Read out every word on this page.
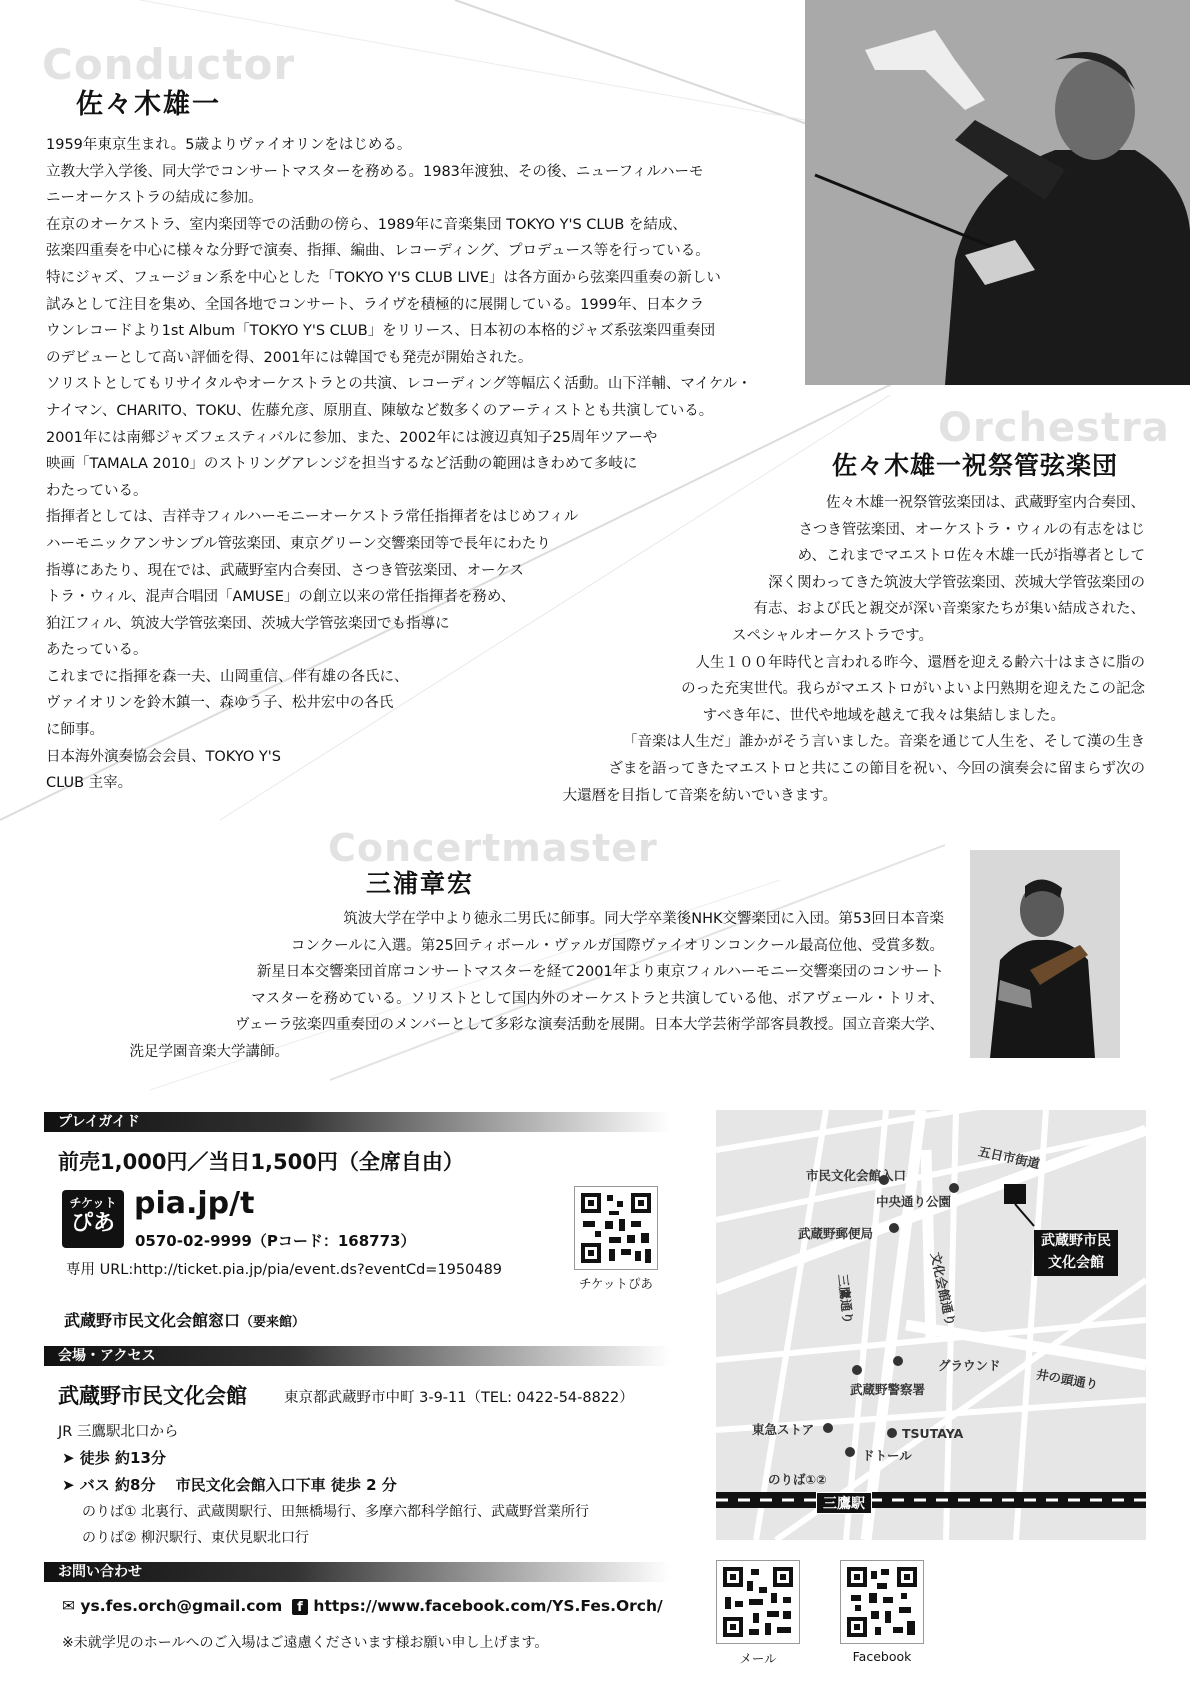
Conductor
佐々木雄一
1959年東京生まれ。5歳よりヴァイオリンをはじめる。
立教大学入学後、同大学でコンサートマスターを務める。1983年渡独、その後、ニューフィルハーモ
ニーオーケストラの結成に参加。
在京のオーケストラ、室内楽団等での活動の傍ら、1989年に音楽集団 TOKYO Y'S CLUB を結成、
弦楽四重奏を中心に様々な分野で演奏、指揮、編曲、レコーディング、プロデュース等を行っている。
特にジャズ、フュージョン系を中心とした「TOKYO Y'S CLUB LIVE」は各方面から弦楽四重奏の新しい
試みとして注目を集め、全国各地でコンサート、ライヴを積極的に展開している。1999年、日本クラ
ウンレコードより1st Album「TOKYO Y'S CLUB」をリリース、日本初の本格的ジャズ系弦楽四重奏団
のデビューとして高い評価を得、2001年には韓国でも発売が開始された。
ソリストとしてもリサイタルやオーケストラとの共演、レコーディング等幅広く活動。山下洋輔、マイケル・
ナイマン、CHARITO、TOKU、佐藤允彦、原朋直、陳敏など数多くのアーティストとも共演している。
2001年には南郷ジャズフェスティバルに参加、また、2002年には渡辺真知子25周年ツアーや
映画「TAMALA 2010」のストリングアレンジを担当するなど活動の範囲はきわめて多岐に
わたっている。
指揮者としては、吉祥寺フィルハーモニーオーケストラ常任指揮者をはじめフィル
ハーモニックアンサンブル管弦楽団、東京グリーン交響楽団等で長年にわたり
指導にあたり、現在では、武蔵野室内合奏団、さつき管弦楽団、オーケス
トラ・ウィル、混声合唱団「AMUSE」の創立以来の常任指揮者を務め、
狛江フィル、筑波大学管弦楽団、茨城大学管弦楽団でも指導に
あたっている。
これまでに指揮を森一夫、山岡重信、伴有雄の各氏に、
ヴァイオリンを鈴木鎮一、森ゆう子、松井宏中の各氏
に師事。
日本海外演奏協会会員、TOKYO Y'S
CLUB 主宰。
Orchestra
佐々木雄一祝祭管弦楽団
佐々木雄一祝祭管弦楽団は、武蔵野室内合奏団、
さつき管弦楽団、オーケストラ・ウィルの有志をはじ
め、これまでマエストロ佐々木雄一氏が指導者として
深く関わってきた筑波大学管弦楽団、茨城大学管弦楽団の
有志、および氏と親交が深い音楽家たちが集い結成された、
スペシャルオーケストラです。
人生１００年時代と言われる昨今、還暦を迎える齢六十はまさに脂の
のった充実世代。我らがマエストロがいよいよ円熟期を迎えたこの記念
すべき年に、世代や地域を越えて我々は集結しました。
「音楽は人生だ」誰かがそう言いました。音楽を通じて人生を、そして漢の生き
ざまを語ってきたマエストロと共にこの節目を祝い、今回の演奏会に留まらず次の
大還暦を目指して音楽を紡いでいきます。
Concertmaster
三浦章宏
筑波大学在学中より徳永二男氏に師事。同大学卒業後NHK交響楽団に入団。第53回日本音楽
コンクールに入選。第25回ティボール・ヴァルガ国際ヴァイオリンコンクール最高位他、受賞多数。
新星日本交響楽団首席コンサートマスターを経て2001年より東京フィルハーモニー交響楽団のコンサート
マスターを務めている。ソリストとして国内外のオーケストラと共演している他、ボアヴェール・トリオ、
ヴェーラ弦楽四重奏団のメンバーとして多彩な演奏活動を展開。日本大学芸術学部客員教授。国立音楽大学、
洗足学園音楽大学講師。
プレイガイド
前売1,000円／当日1,500円（全席自由）
チケット
ぴあ
pia.jp/t
0570-02-9999（Pコード：168773）
専用 URL:http://ticket.pia.jp/pia/event.ds?eventCd=1950489
チケットぴあ
武蔵野市民文化会館窓口（要来館）
会場・アクセス
武蔵野市民文化会館	東京都武蔵野市中町 3-9-11（TEL: 0422-54-8822）
JR 三鷹駅北口から
➤ 徒歩 約13分
➤ バス 約8分　 市民文化会館入口下車 徒歩 2 分
のりば① 北裏行、武蔵関駅行、田無橋場行、多摩六都科学館行、武蔵野営業所行
のりば② 柳沢駅行、東伏見駅北口行
お問い合わせ
✉ ys.fes.orch@gmail.com	f https://www.facebook.com/YS.Fes.Orch/
※未就学児のホールへのご入場はご遠慮くださいます様お願い申し上げます。
武蔵野市民
文化会館
五日市街道
市民文化会館入口
中央通り公園
武蔵野郵便局
文化会館通り
三鷹通り
グラウンド
井の頭通り
武蔵野警察署
東急ストア	TSUTAYA
ドトール
のりば①②
三鷹駅
メール	Facebook
